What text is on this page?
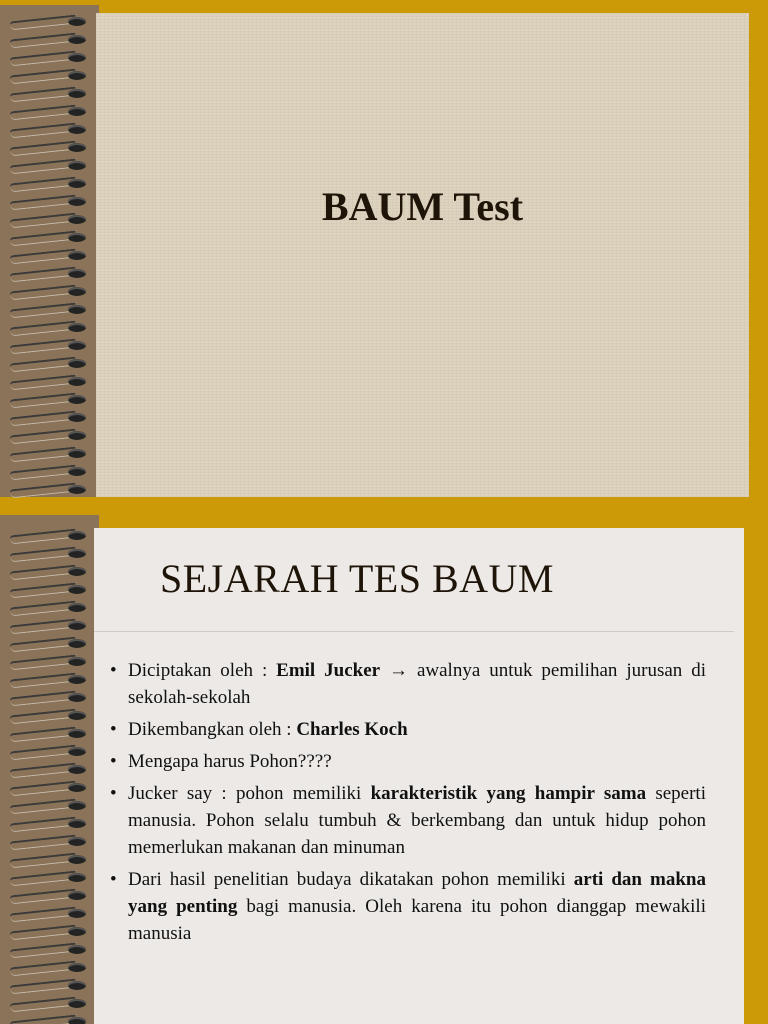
BAUM Test
SEJARAH TES BAUM
• Diciptakan oleh : Emil Jucker → awalnya untuk pemilihan jurusan di sekolah-sekolah
• Dikembangkan oleh : Charles Koch
• Mengapa harus Pohon????
• Jucker say : pohon memiliki karakteristik yang hampir sama seperti manusia. Pohon selalu tumbuh & berkembang dan untuk hidup pohon memerlukan makanan dan minuman
• Dari hasil penelitian budaya dikatakan pohon memiliki arti dan makna yang penting bagi manusia. Oleh karena itu pohon dianggap mewakili manusia
